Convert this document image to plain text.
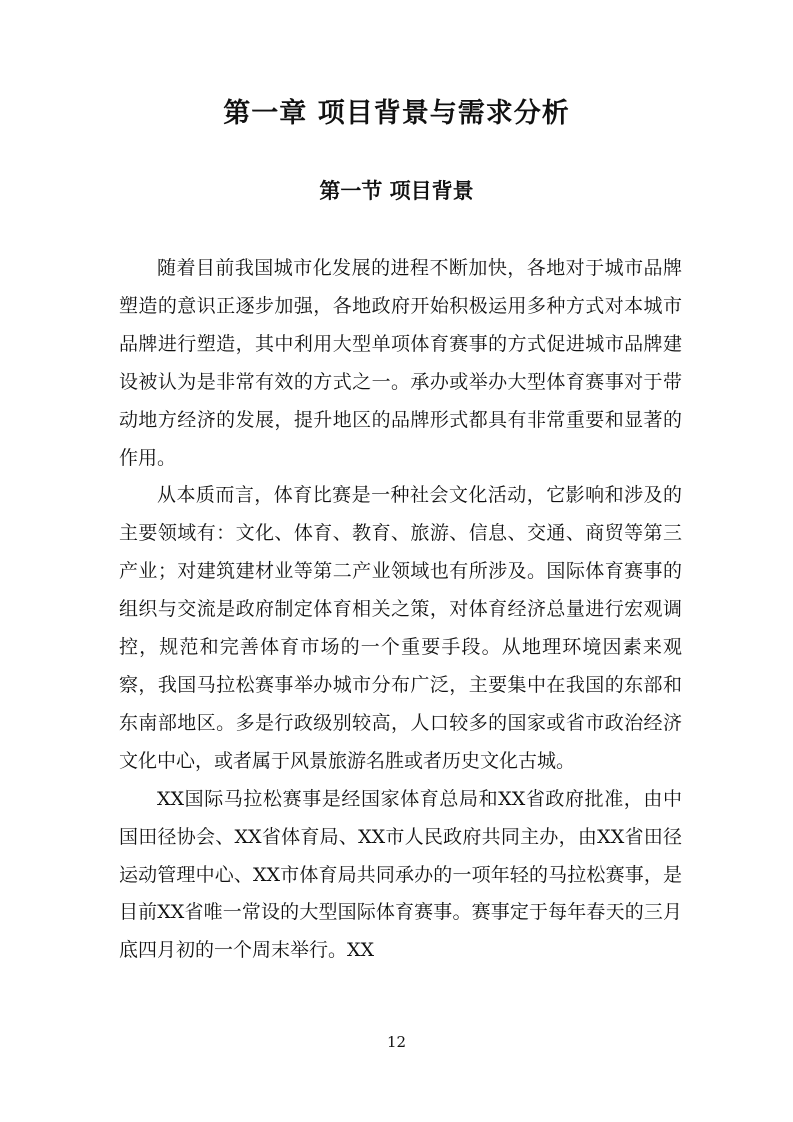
第一章 项目背景与需求分析
第一节 项目背景

随着目前我国城市化发展的进程不断加快，各地对于城市品牌塑造的意识正逐步加强，各地政府开始积极运用多种方式对本城市品牌进行塑造，其中利用大型单项体育赛事的方式促进城市品牌建设被认为是非常有效的方式之一。承办或举办大型体育赛事对于带动地方经济的发展，提升地区的品牌形式都具有非常重要和显著的作用。

从本质而言，体育比赛是一种社会文化活动，它影响和涉及的主要领域有：文化、体育、教育、旅游、信息、交通、商贸等第三产业；对建筑建材业等第二产业领域也有所涉及。国际体育赛事的组织与交流是政府制定体育相关之策，对体育经济总量进行宏观调控，规范和完善体育市场的一个重要手段。从地理环境因素来观察，我国马拉松赛事举办城市分布广泛，主要集中在我国的东部和东南部地区。多是行政级别较高，人口较多的国家或省市政治经济文化中心，或者属于风景旅游名胜或者历史文化古城。

XX国际马拉松赛事是经国家体育总局和XX省政府批准，由中国田径协会、XX省体育局、XX市人民政府共同主办，由XX省田径运动管理中心、XX市体育局共同承办的一项年轻的马拉松赛事，是目前XX省唯一常设的大型国际体育赛事。赛事定于每年春天的三月底四月初的一个周末举行。XX

12
